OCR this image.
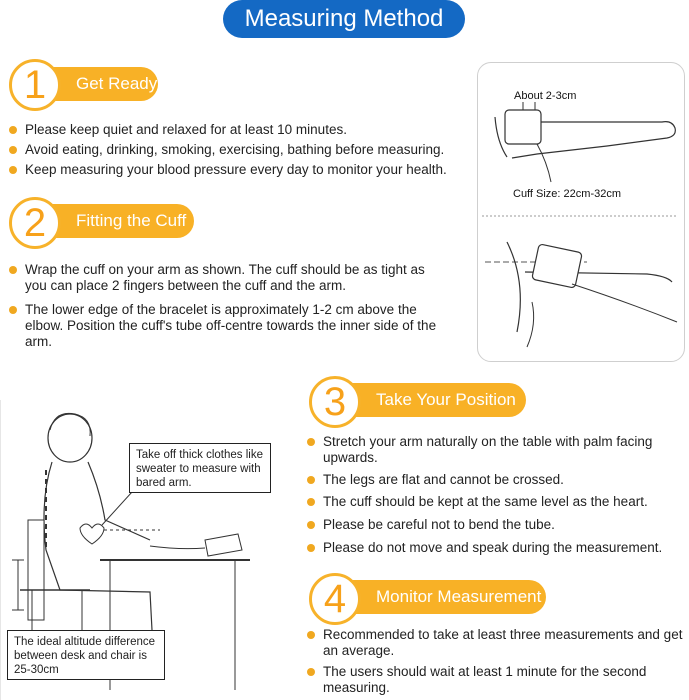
Measuring Method
Get Ready
1
Please keep quiet and relaxed for at least 10 minutes.
Avoid eating, drinking, smoking, exercising, bathing before measuring.
Keep measuring your blood pressure every day to monitor your health.
Fitting the Cuff
2
Wrap the cuff on your arm as shown. The cuff should be as tight as you can place 2 fingers between the cuff and the arm.
The lower edge of the bracelet is approximately 1-2 cm above the elbow. Position the cuff's tube off-centre towards the inner side of the arm.
About 2-3cm
Cuff Size: 22cm-32cm
Take Your Position
3
Stretch your arm naturally on the table with palm facing upwards.
The legs are flat and cannot be crossed.
The cuff should be kept at the same level as the heart.
Please be careful not to bend the tube.
Please do not move and speak during the measurement.
Monitor Measurement
4
Recommended to take at least three measurements and get an average.
The users should wait at least 1 minute for the second measuring.
Take off thick clothes like sweater to measure with bared arm.
The ideal altitude difference between desk and chair is 25-30cm
